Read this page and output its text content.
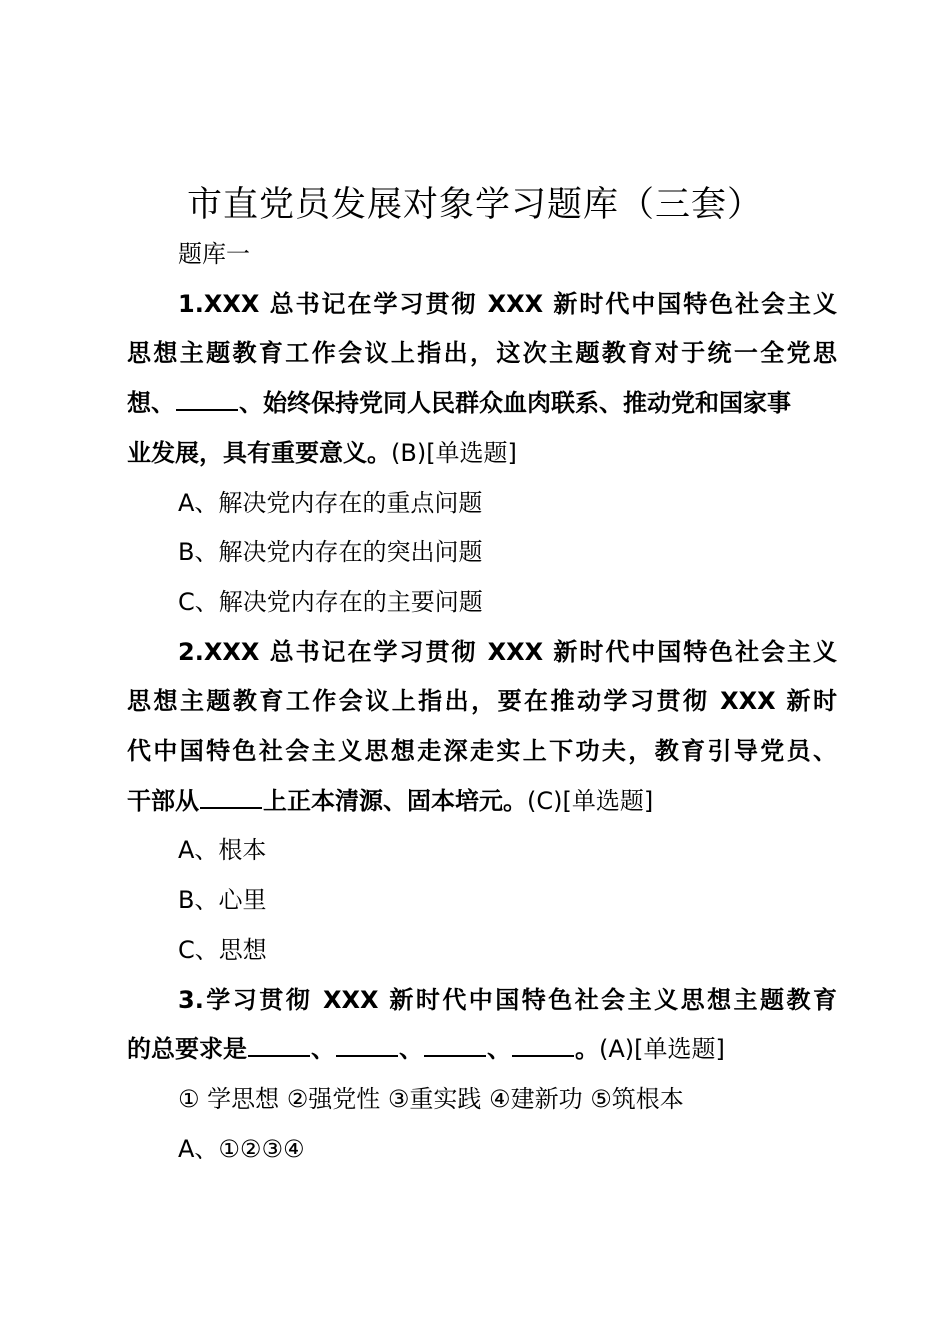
市直党员发展对象学习题库（三套）

题库一

1.XXX 总书记在学习贯彻 XXX 新时代中国特色社会主义

思想主题教育工作会议上指出，这次主题教育对于统一全党思

想、	、始终保持党同人民群众血肉联系、推动党和国家事

业发展，具有重要意义。(B)[单选题]

A、解决党内存在的重点问题

B、解决党内存在的突出问题

C、解决党内存在的主要问题

2.XXX 总书记在学习贯彻 XXX 新时代中国特色社会主义

思想主题教育工作会议上指出，要在推动学习贯彻 XXX 新时

代中国特色社会主义思想走深走实上下功夫，教育引导党员、

干部从	上正本清源、固本培元。(C)[单选题]

A、根本

B、心里

C、思想

3.学习贯彻 XXX 新时代中国特色社会主义思想主题教育

的总要求是	、	、	、	。(A)[单选题]

① 学思想 ②强党性 ③重实践 ④建新功 ⑤筑根本

A、①②③④
